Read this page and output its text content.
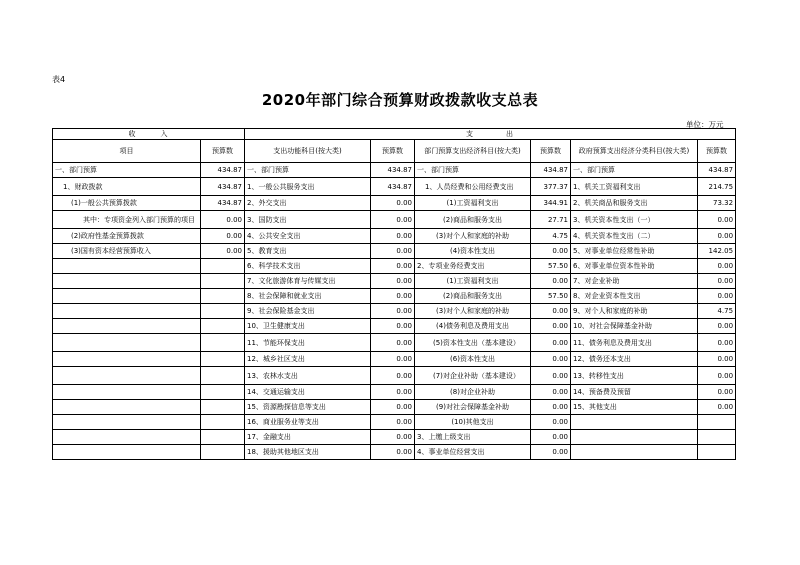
表4
2020年部门综合预算财政拨款收支总表
单位：万元
收　　　入		支　　　　出					
项目	预算数	支出功能科目(按大类)	预算数	部门预算支出经济科目(按大类)	预算数	政府预算支出经济分类科目(按大类)	预算数
一、部门预算	434.87	一、部门预算	434.87	一、部门预算	434.87	一、部门预算	434.87
1、财政拨款	434.87	1、一般公共服务支出	434.87	1、人员经费和公用经费支出	377.37	1、机关工资福利支出	214.75
(1)一般公共预算拨款	434.87	2、外交支出	0.00	(1)工资福利支出	344.91	2、机关商品和服务支出	73.32
其中：专项资金列入部门预算的项目	0.00	3、国防支出	0.00	(2)商品和服务支出	27.71	3、机关资本性支出（一）	0.00
(2)政府性基金预算拨款	0.00	4、公共安全支出	0.00	(3)对个人和家庭的补助	4.75	4、机关资本性支出（二）	0.00
(3)国有资本经营预算收入	0.00	5、教育支出	0.00	(4)资本性支出	0.00	5、对事业单位经常性补助	142.05
		6、科学技术支出	0.00	2、专项业务经费支出	57.50	6、对事业单位资本性补助	0.00
		7、文化旅游体育与传媒支出	0.00	(1)工资福利支出	0.00	7、对企业补助	0.00
		8、社会保障和就业支出	0.00	(2)商品和服务支出	57.50	8、对企业资本性支出	0.00
		9、社会保险基金支出	0.00	(3)对个人和家庭的补助	0.00	9、对个人和家庭的补助	4.75
		10、卫生健康支出	0.00	(4)债务利息及费用支出	0.00	10、对社会保障基金补助	0.00
		11、节能环保支出	0.00	(5)资本性支出（基本建设）	0.00	11、债务利息及费用支出	0.00
		12、城乡社区支出	0.00	(6)资本性支出	0.00	12、债务还本支出	0.00
		13、农林水支出	0.00	(7)对企业补助（基本建设）	0.00	13、转移性支出	0.00
		14、交通运输支出	0.00	(8)对企业补助	0.00	14、预备费及预留	0.00
		15、资源勘探信息等支出	0.00	(9)对社会保障基金补助	0.00	15、其他支出	0.00
		16、商业服务业等支出	0.00	(10)其他支出	0.00		
		17、金融支出	0.00	3、上缴上级支出	0.00		
		18、援助其他地区支出	0.00	4、事业单位经营支出	0.00		
